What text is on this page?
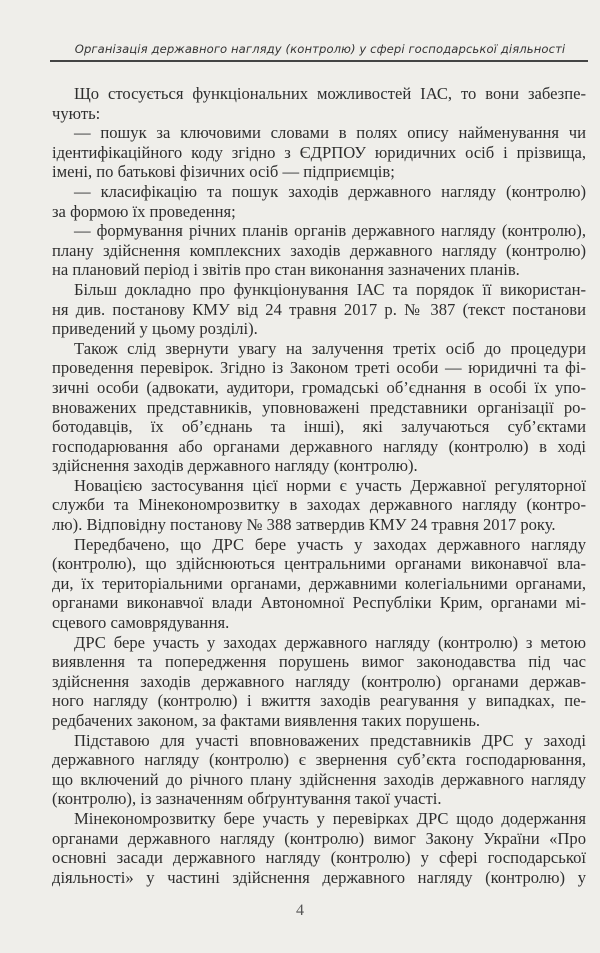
Організація державного нагляду (контролю) у сфері господарської діяльності
Що стосується функціональних можливостей ІАС, то вони забезпе-
чують:
— пошук за ключовими словами в полях опису найменування чи
ідентифікаційного коду згідно з ЄДРПОУ юридичних осіб і прізвища,
імені, по батькові фізичних осіб — підприємців;
— класифікацію та пошук заходів державного нагляду (контролю)
за формою їх проведення;
— формування річних планів органів державного нагляду (контролю),
плану здійснення комплексних заходів державного нагляду (контролю)
на плановий період і звітів про стан виконання зазначених планів.
Більш докладно про функціонування ІАС та порядок її використан-
ня див. постанову КМУ від 24 травня 2017 р. № 387 (текст постанови
приведений у цьому розділі).
Також слід звернути увагу на залучення третіх осіб до процедури
проведення перевірок. Згідно із Законом треті особи — юридичні та фі-
зичні особи (адвокати, аудитори, громадські об’єднання в особі їх упо-
вноважених представників, уповноважені представники організації ро-
ботодавців, їх об’єднань та інші), які залучаються суб’єктами
господарювання або органами державного нагляду (контролю) в ході
здійснення заходів державного нагляду (контролю).
Новацією застосування цієї норми є участь Державної регуляторної
служби та Мінекономрозвитку в заходах державного нагляду (контро-
лю). Відповідну постанову № 388 затвердив КМУ 24 травня 2017 року.
Передбачено, що ДРС бере участь у заходах державного нагляду
(контролю), що здійснюються центральними органами виконавчої вла-
ди, їх територіальними органами, державними колегіальними органами,
органами виконавчої влади Автономної Республіки Крим, органами мі-
сцевого самоврядування.
ДРС бере участь у заходах державного нагляду (контролю) з метою
виявлення та попередження порушень вимог законодавства під час
здійснення заходів державного нагляду (контролю) органами держав-
ного нагляду (контролю) і вжиття заходів реагування у випадках, пе-
редбачених законом, за фактами виявлення таких порушень.
Підставою для участі вповноважених представників ДРС у заході
державного нагляду (контролю) є звернення суб’єкта господарювання,
що включений до річного плану здійснення заходів державного нагляду
(контролю), із зазначенням обґрунтування такої участі.
Мінекономрозвитку бере участь у перевірках ДРС щодо додержання
органами державного нагляду (контролю) вимог Закону України «Про
основні засади державного нагляду (контролю) у сфері господарської
діяльності» у частині здійснення державного нагляду (контролю) у
4
